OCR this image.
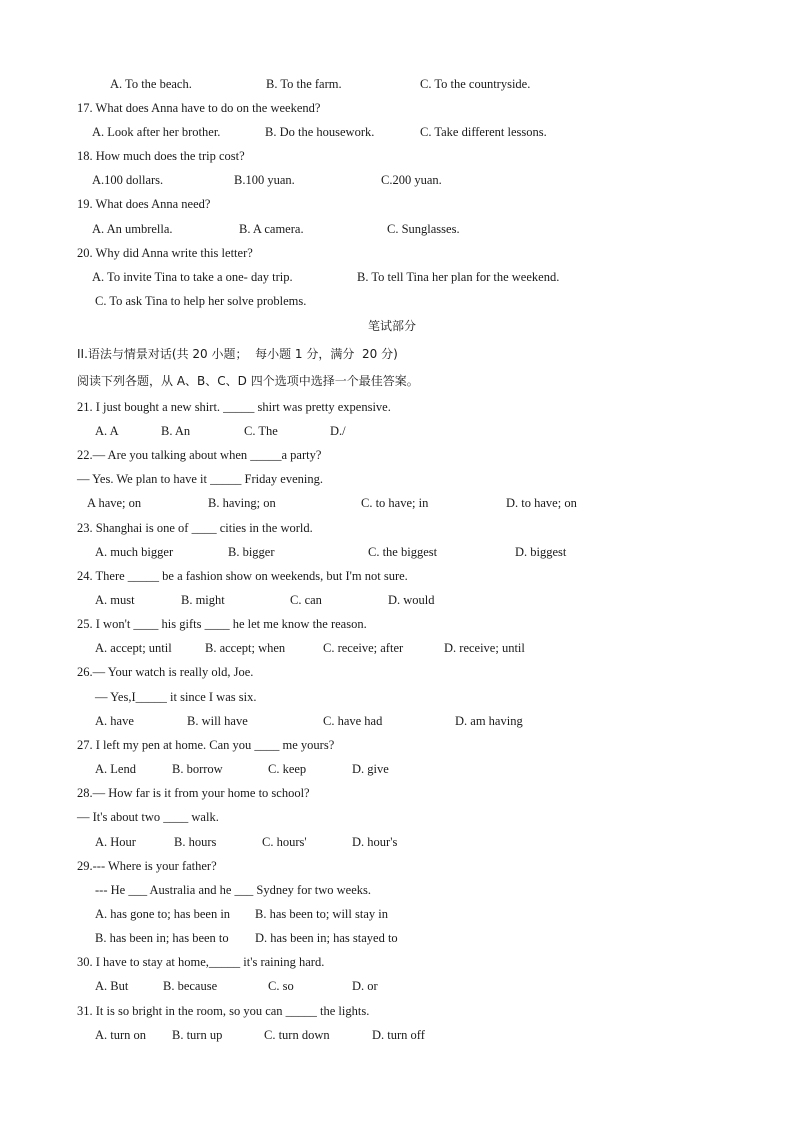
A. To the beach.	B. To the farm.	C. To the countryside.
17. What does Anna have to do on the weekend?
A. Look after her brother.	B. Do the housework.	C. Take different lessons.
18. How much does the trip cost?
A.100 dollars.	B.100 yuan.	C.200 yuan.
19. What does Anna need?
A. An umbrella.	B. A camera.	C. Sunglasses.
20. Why did Anna write this letter?
A. To invite Tina to take a one- day trip.	B. To tell Tina her plan for the weekend.
C. To ask Tina to help her solve problems.
笔试部分
II.语法与情景对话(共 20 小题；  每小题 1 分，满分  20 分)
阅读下列各题，从 A、B、C、D 四个选项中选择一个最佳答案。
21. I just bought a new shirt. _____ shirt was pretty expensive.
A. A	B. An	C. The	D./
22.— Are you talking about when _____a party?
— Yes. We plan to have it _____ Friday evening.
A have; on	B. having; on	C. to have; in	D. to have; on
23. Shanghai is one of ____ cities in the world.
A. much bigger	B. bigger	C. the biggest	D. biggest
24. There _____ be a fashion show on weekends, but I'm not sure.
A. must	B. might	C. can	D. would
25. I won't ____ his gifts ____ he let me know the reason.
A. accept; until	B. accept; when	C. receive; after	D. receive; until
26.— Your watch is really old, Joe.
— Yes,I_____ it since I was six.
A. have	B. will have	C. have had	D. am having
27. I left my pen at home. Can you ____ me yours?
A. Lend	B. borrow	C. keep	D. give
28.— How far is it from your home to school?
— It's about two ____ walk.
A. Hour	B. hours	C. hours'	D. hour's
29.--- Where is your father?
--- He ___ Australia and he ___ Sydney for two weeks.
A. has gone to; has been in B. has been to; will stay in
B. has been in; has been to D. has been in; has stayed to
30. I have to stay at home,_____ it's raining hard.
A. But	B. because	C. so	D. or
31. It is so bright in the room, so you can _____ the lights.
A. turn on B. turn up	C. turn down	D. turn off
